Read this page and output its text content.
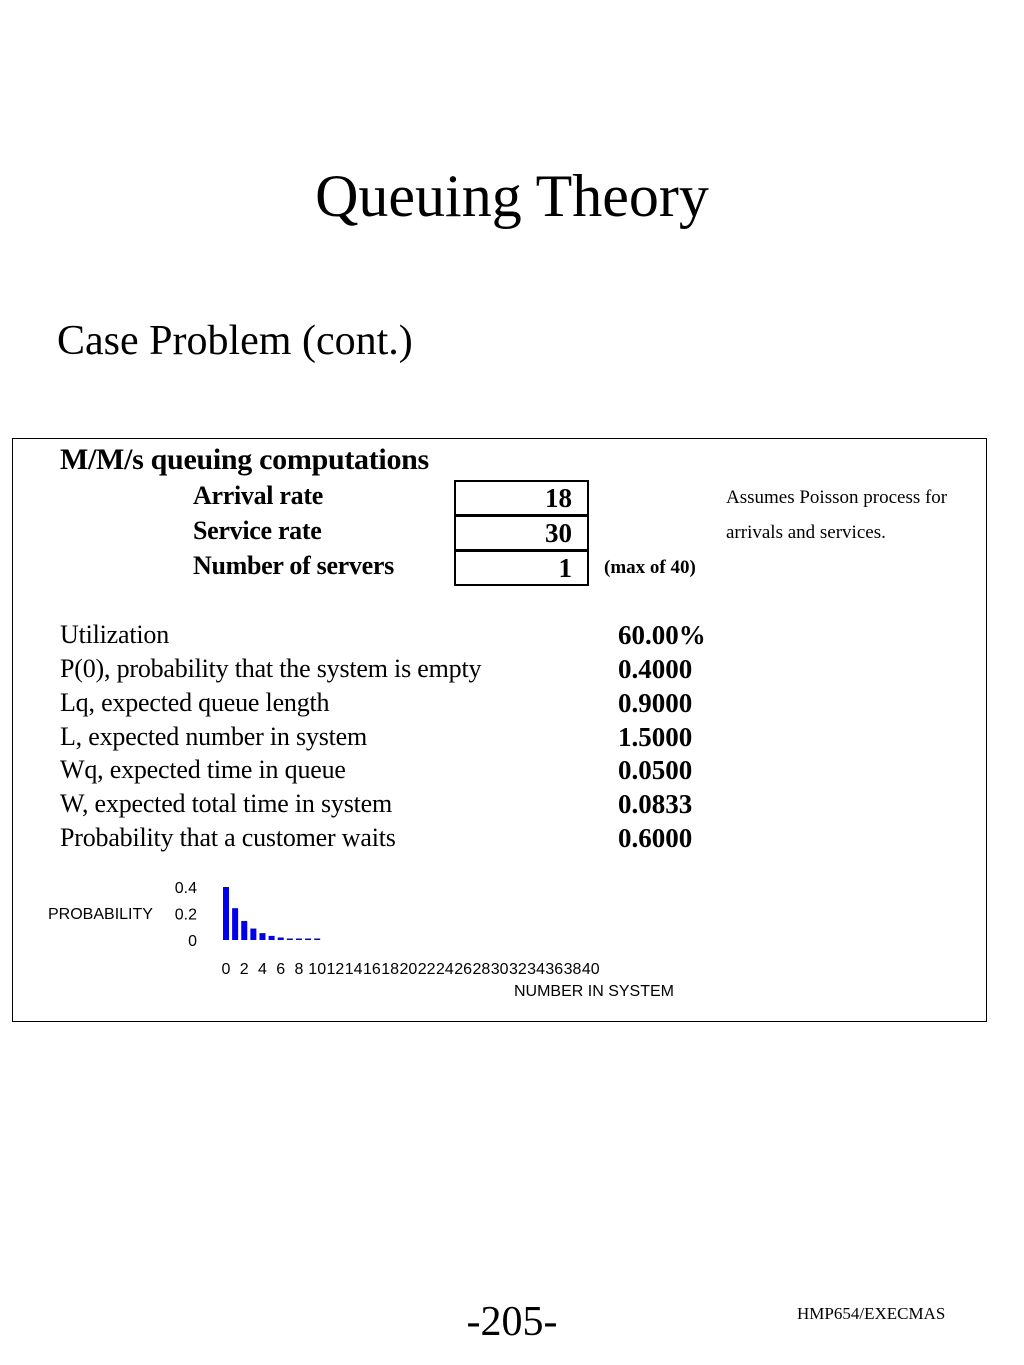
Queuing Theory
Case Problem (cont.)
M/M/s queuing computations
Arrival rate	18
Service rate	30
Number of servers	1	(max of 40)
Assumes Poisson process for
arrivals and services.
Utilization	60.00%
P(0), probability that the system is empty	0.4000
Lq, expected queue length	0.9000
L, expected number in system	1.5000
Wq, expected time in queue	0.0500
W, expected total time in system	0.0833
Probability that a customer waits	0.6000
0 2 4 6 8 10 12 14 16 18 20 22 24 26 28 30 32 34 36 38 40
0
0.2
0.4
PROBABILITY
NUMBER IN SYSTEM
-205-	HMP654/EXECMAS
